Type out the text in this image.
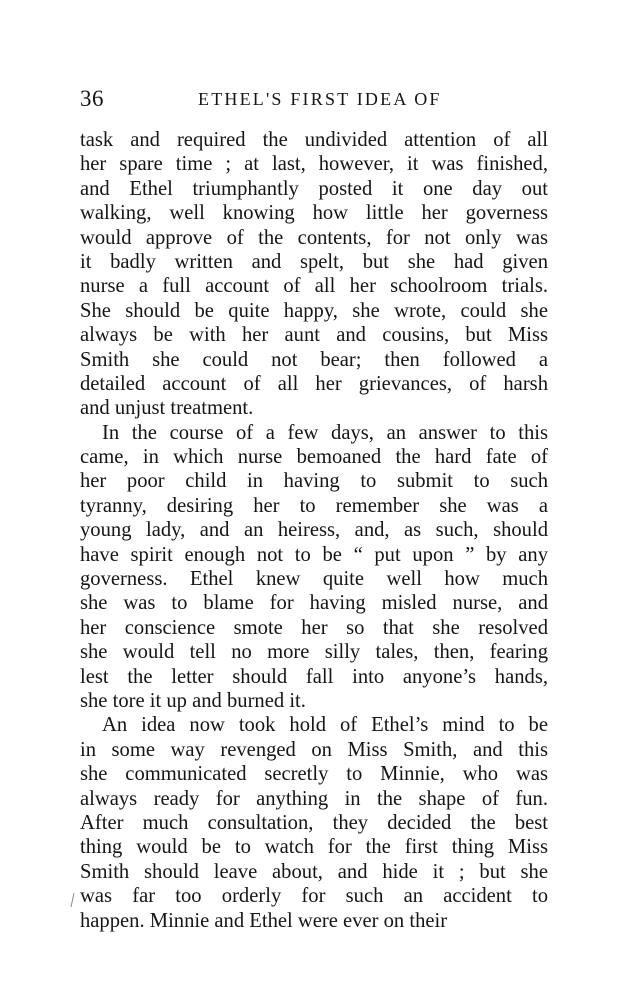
36	ETHEL'S FIRST IDEA OF
task and required the undivided attention of all
her spare time ; at last, however, it was finished,
and Ethel triumphantly posted it one day out
walking, well knowing how little her governess
would approve of the contents, for not only was
it badly written and spelt, but she had given
nurse a full account of all her schoolroom trials.
She should be quite happy, she wrote, could she
always be with her aunt and cousins, but Miss
Smith she could not bear; then followed a
detailed account of all her grievances, of harsh
and unjust treatment.
In the course of a few days, an answer to this
came, in which nurse bemoaned the hard fate of
her poor child in having to submit to such
tyranny, desiring her to remember she was a
young lady, and an heiress, and, as such, should
have spirit enough not to be “ put upon ” by any
governess. Ethel knew quite well how much
she was to blame for having misled nurse, and
her conscience smote her so that she resolved
she would tell no more silly tales, then, fearing
lest the letter should fall into anyone’s hands,
she tore it up and burned it.
An idea now took hold of Ethel’s mind to be
in some way revenged on Miss Smith, and this
she communicated secretly to Minnie, who was
always ready for anything in the shape of fun.
After much consultation, they decided the best
thing would be to watch for the first thing Miss
Smith should leave about, and hide it ; but she
was far too orderly for such an accident to
happen. Minnie and Ethel were ever on their
